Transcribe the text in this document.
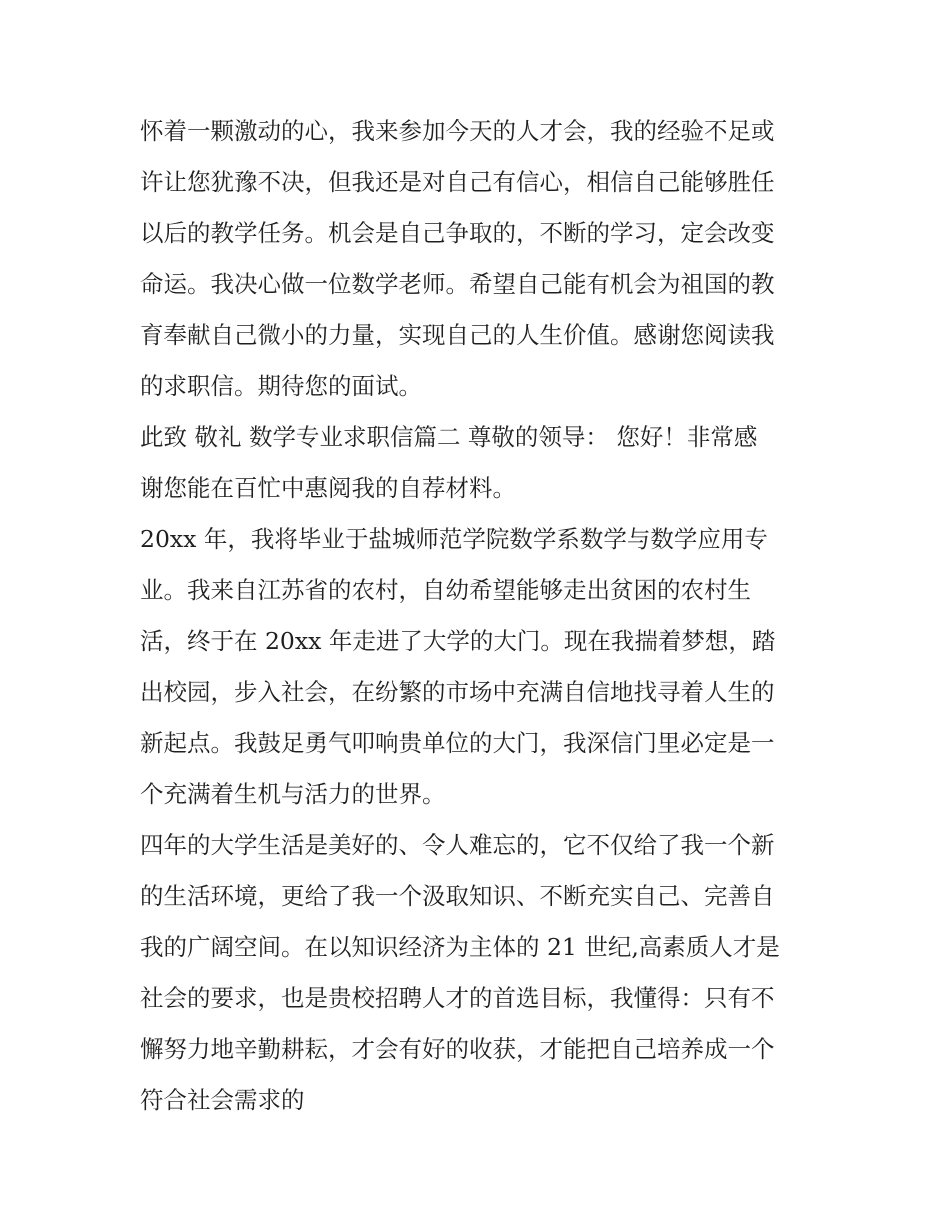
怀着一颗激动的心，我来参加今天的人才会，我的经验不足或
许让您犹豫不决，但我还是对自己有信心，相信自己能够胜任
以后的教学任务。机会是自己争取的，不断的学习，定会改变
命运。我决心做一位数学老师。希望自己能有机会为祖国的教
育奉献自己微小的力量，实现自己的人生价值。感谢您阅读我
的求职信。期待您的面试。
此致 敬礼 数学专业求职信篇二 尊敬的领导： 您好！非常感
谢您能在百忙中惠阅我的自荐材料。
20xx 年，我将毕业于盐城师范学院数学系数学与数学应用专
业。我来自江苏省的农村，自幼希望能够走出贫困的农村生
活，终于在 20xx 年走进了大学的大门。现在我揣着梦想，踏
出校园，步入社会，在纷繁的市场中充满自信地找寻着人生的
新起点。我鼓足勇气叩响贵单位的大门，我深信门里必定是一
个充满着生机与活力的世界。
四年的大学生活是美好的、令人难忘的，它不仅给了我一个新
的生活环境，更给了我一个汲取知识、不断充实自己、完善自
我的广阔空间。在以知识经济为主体的 21 世纪,高素质人才是
社会的要求，也是贵校招聘人才的首选目标，我懂得：只有不
懈努力地辛勤耕耘，才会有好的收获，才能把自己培养成一个
符合社会需求的
